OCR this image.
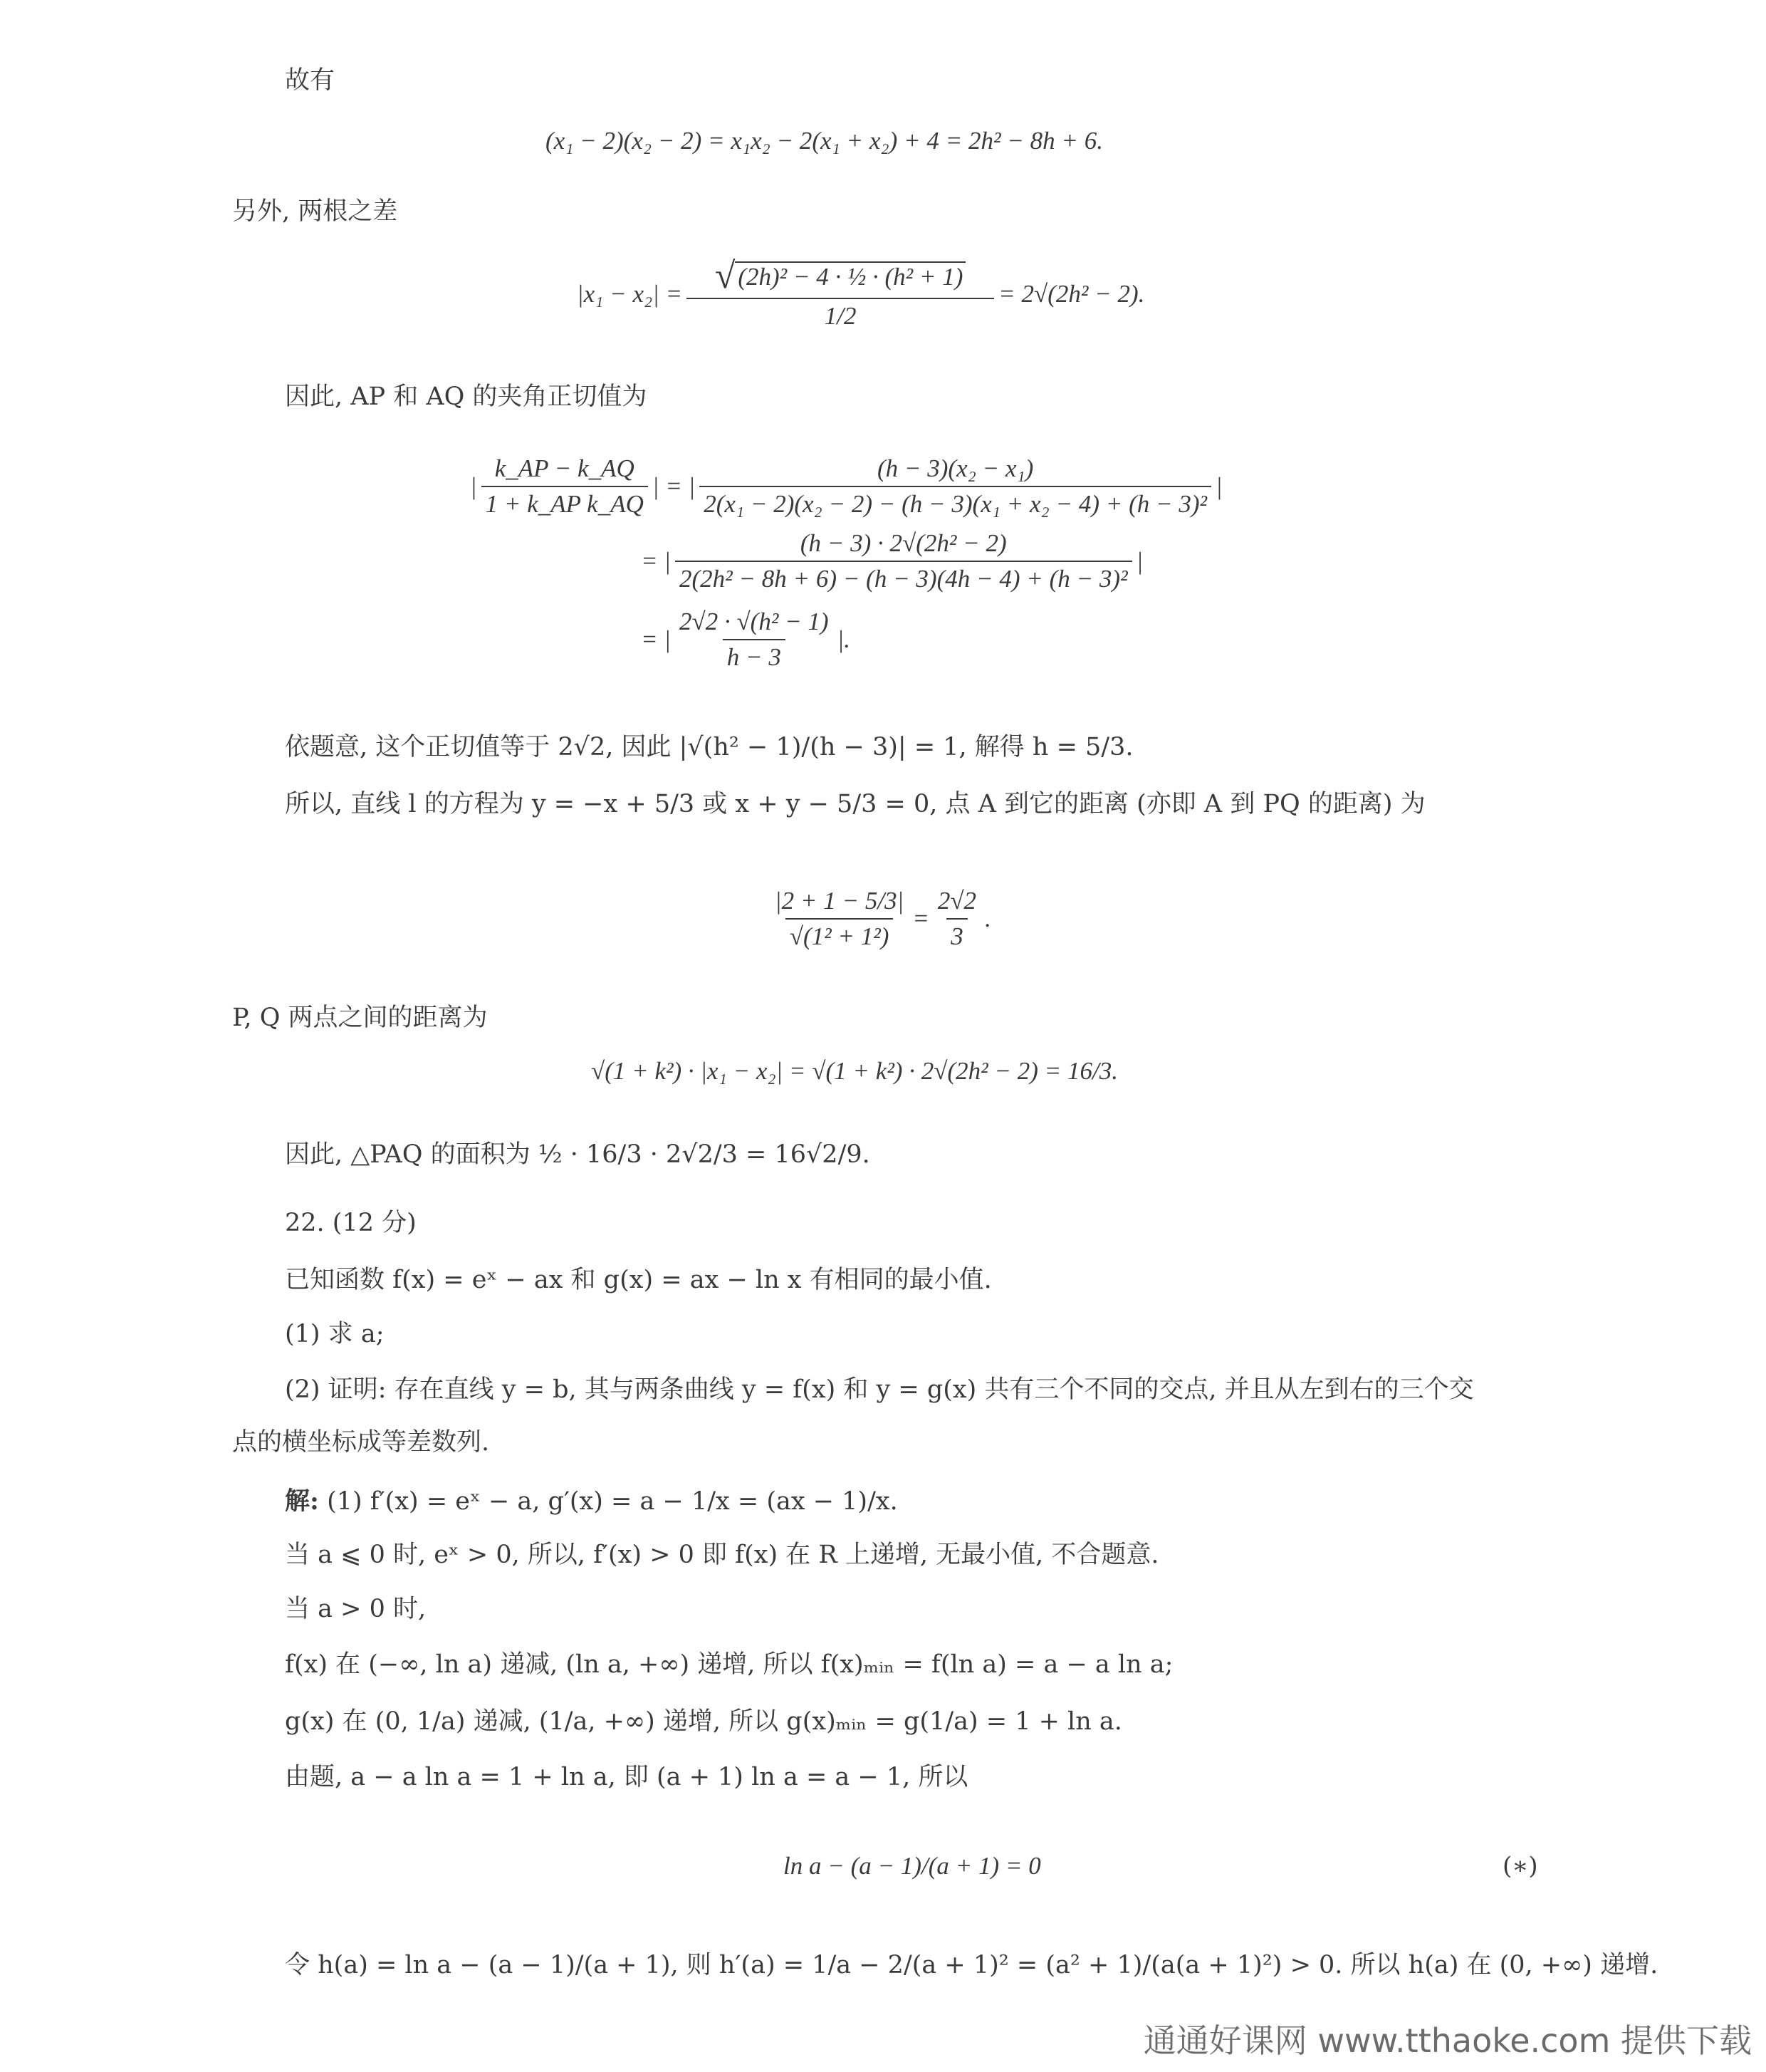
故有
(x₁ − 2)(x₂ − 2) = x₁x₂ − 2(x₁ + x₂) + 4 = 2h² − 8h + 6.
另外, 两根之差
$|x_1 - x_2| = \frac{\text{√ (2h)² − 4 · ½ · (h² + 1)}}{1/2} = 2√(2h^2 - 2)$.
因此, AP 和 AQ 的夹角正切值为
| $\frac{k\_AP - k\_AQ}{\text{1 + k\_AP k\_AQ}}$ | = | $\frac{\text{(h − 3)(x₂ − x₁)}}{\text{2(x₁ − 2)(x₂ − 2) − (h − 3)(x₁ + x₂ − 4) + (h − 3)²}}$ |
= | $\frac{\text{(h − 3) · 2√(2h² − 2)}}{\text{2(2h² − 8h + 6) − (h − 3)(4h − 4) + (h − 3)²}}$ |
= | $\frac{\text{2√2 · √(h² − 1)}}{h - 3}$ |.
依题意, 这个正切值等于 2√2, 因此 |√(h² − 1)/(h − 3)| = 1, 解得 h = 5/3.
所以, 直线 l 的方程为 y = −x + 5/3 或 x + y − 5/3 = 0, 点 A 到它的距离 (亦即 A 到 PQ 的距离) 为
$\frac{|2 + 1 - 5/3|}{\text{√(1² + 1²)}} = \frac{2√2}{3}$ .
P, Q 两点之间的距离为
√(1 + k²) · |x₁ − x₂| = √(1 + k²) · 2√(2h² − 2) = 16/3.
因此, △PAQ 的面积为 ½ · 16/3 · 2√2/3 = 16√2/9.
22. (12 分)
已知函数 f(x) = eˣ − ax 和 g(x) = ax − ln x 有相同的最小值.
(1) 求 a;
(2) 证明: 存在直线 y = b, 其与两条曲线 y = f(x) 和 y = g(x) 共有三个不同的交点, 并且从左到右的三个交
点的横坐标成等差数列.
解: (1) f′(x) = eˣ − a, g′(x) = a − 1/x = (ax − 1)/x.
当 a ⩽ 0 时, eˣ > 0, 所以, f′(x) > 0 即 f(x) 在 R 上递增, 无最小值, 不合题意.
当 a > 0 时,
f(x) 在 (−∞, ln a) 递减, (ln a, +∞) 递增, 所以 f(x)ₘᵢₙ = f(ln a) = a − a ln a;
g(x) 在 (0, 1/a) 递减, (1/a, +∞) 递增, 所以 g(x)ₘᵢₙ = g(1/a) = 1 + ln a.
由题, a − a ln a = 1 + ln a, 即 (a + 1) ln a = a − 1, 所以
ln a − (a − 1)/(a + 1) = 0	(∗)
令 h(a) = ln a − (a − 1)/(a + 1), 则 h′(a) = 1/a − 2/(a + 1)² = (a² + 1)/(a(a + 1)²) > 0. 所以 h(a) 在 (0, +∞) 递增.
通通好课网 www.tthaoke.com 提供下载
